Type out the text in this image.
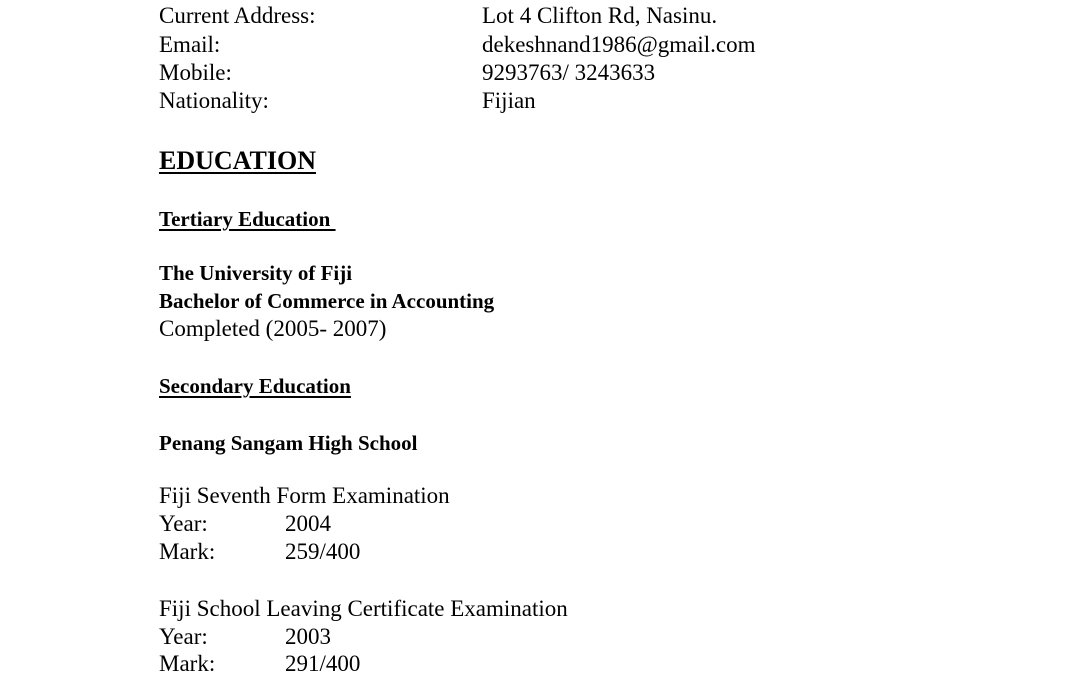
Current Address:	Lot 4 Clifton Rd, Nasinu.
Email:	dekeshnand1986@gmail.com
Mobile:	9293763/ 3243633
Nationality:	Fijian
EDUCATION
Tertiary Education
The University of Fiji
Bachelor of Commerce in Accounting
Completed (2005- 2007)
Secondary Education
Penang Sangam High School
Fiji Seventh Form Examination
Year:	2004
Mark:	259/400
Fiji School Leaving Certificate Examination
Year:	2003
Mark:	291/400
